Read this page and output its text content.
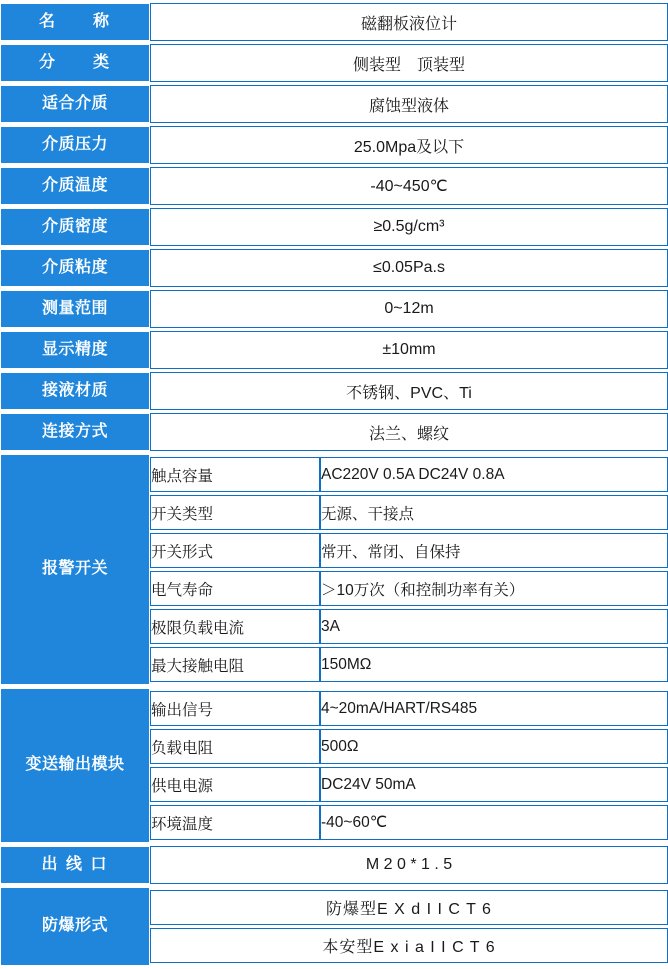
名　　称	磁翻板液位计

分　　类	侧装型　顶装型

适合介质	腐蚀型液体

介质压力	25.0Mpa及以下

介质温度	-40~450℃

介质密度	≥0.5g/cm³

介质粘度	≤0.05Pa.s

测量范围	0~12m

显示精度	±10mm

接液材质	不锈钢、PVC、Ti

连接方式	法兰、螺纹

报警开关

触点容量	AC220V 0.5A DC24V 0.8A
开关类型	无源、干接点
开关形式	常开、常闭、自保持
电气寿命	＞10万次（和控制功率有关）
极限负载电流	3A
最大接触电阻	150MΩ

变送输出模块

输出信号	4~20mA/HART/RS485
负载电阻	500Ω
供电电源	DC24V 50mA
环境温度	-40~60℃

出 线 口	M 2 0 * 1 . 5

防爆形式

防爆型E X d I I C T 6
本安型E x i a I I C T 6
